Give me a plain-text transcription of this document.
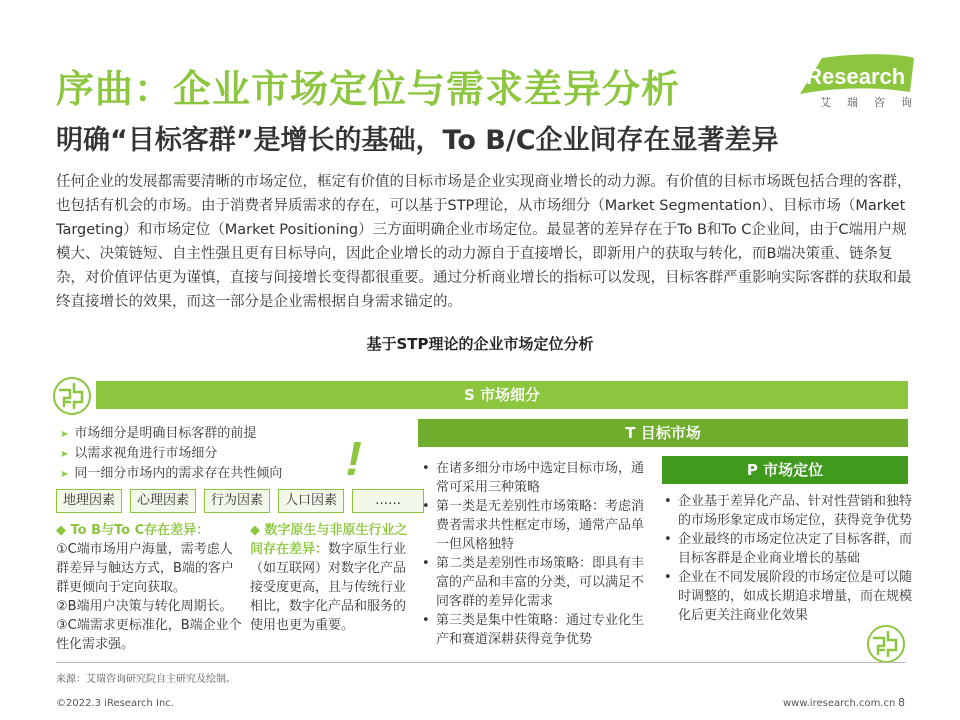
序曲：企业市场定位与需求差异分析
明确“目标客群”是增长的基础，To B/C企业间存在显著差异
iResearch
艾瑞咨询
任何企业的发展都需要清晰的市场定位，框定有价值的目标市场是企业实现商业增长的动力源。有价值的目标市场既包括合理的客群，也包括有机会的市场。由于消费者异质需求的存在，可以基于STP理论，从市场细分（Market Segmentation）、目标市场（Market Targeting）和市场定位（Market Positioning）三方面明确企业市场定位。最显著的差异存在于To B和To C企业间，由于C端用户规模大、决策链短、自主性强且更有目标导向，因此企业增长的动力源自于直接增长，即新用户的获取与转化，而B端决策重、链条复杂，对价值评估更为谨慎，直接与间接增长变得都很重要。通过分析商业增长的指标可以发现，目标客群严重影响实际客群的获取和最终直接增长的效果，而这一部分是企业需根据自身需求锚定的。
基于STP理论的企业市场定位分析
S 市场细分
T 目标市场
P 市场定位
➤ 市场细分是明确目标客群的前提
➤ 以需求视角进行市场细分
➤ 同一细分市场内的需求存在共性倾向 !
地理因素	心理因素	行为因素	人口因素	……
◆ To B与To C存在差异：
①C端市场用户海量，需考虑人群差异与触达方式，B端的客户群更倾向于定向获取。
②B端用户决策与转化周期长。
③C端需求更标准化，B端企业个性化需求强。
◆ 数字原生与非原生行业之间存在差异：数字原生行业（如互联网）对数字化产品接受度更高，且与传统行业相比，数字化产品和服务的使用也更为重要。
• 在诸多细分市场中选定目标市场，通常可采用三种策略
• 第一类是无差别性市场策略：考虑消费者需求共性框定市场，通常产品单一但风格独特
• 第二类是差别性市场策略：即具有丰富的产品和丰富的分类，可以满足不同客群的差异化需求
• 第三类是集中性策略：通过专业化生产和赛道深耕获得竞争优势
• 企业基于差异化产品、针对性营销和独特的市场形象定成市场定位，获得竞争优势
• 企业最终的市场定位决定了目标客群，而目标客群是企业商业增长的基础
• 企业在不同发展阶段的市场定位是可以随时调整的，如成长期追求增量，而在规模化后更关注商业化效果
来源：艾瑞咨询研究院自主研究及绘制。
©2022.3 iResearch Inc.	www.iresearch.com.cn 8
